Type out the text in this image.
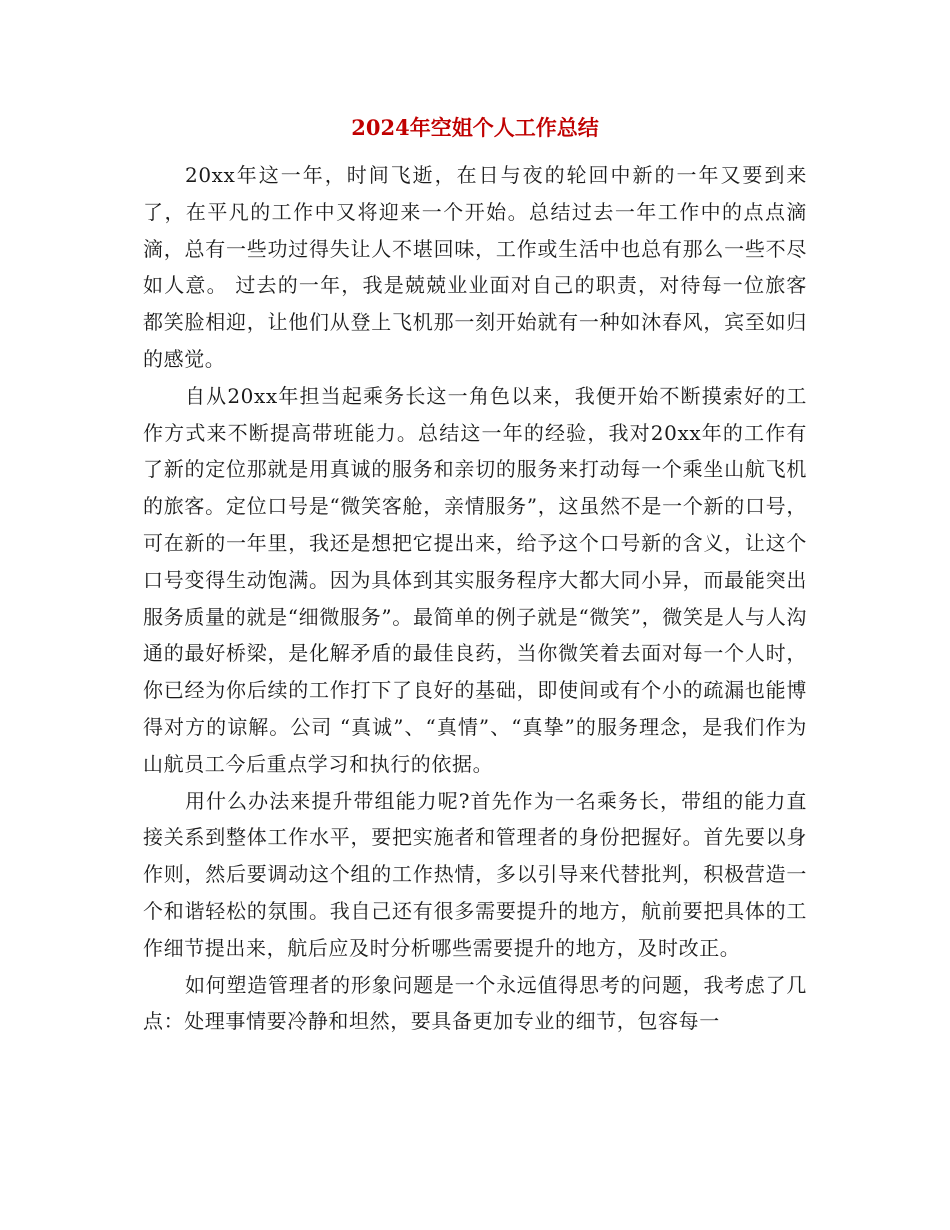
2024年空姐个人工作总结

20xx年这一年，时间飞逝，在日与夜的轮回中新的一年又要到来了，在平凡的工作中又将迎来一个开始。总结过去一年工作中的点点滴滴，总有一些功过得失让人不堪回味，工作或生活中也总有那么一些不尽如人意。 过去的一年，我是兢兢业业面对自己的职责，对待每一位旅客都笑脸相迎，让他们从登上飞机那一刻开始就有一种如沐春风，宾至如归的感觉。

自从20xx年担当起乘务长这一角色以来，我便开始不断摸索好的工作方式来不断提高带班能力。总结这一年的经验，我对20xx年的工作有了新的定位那就是用真诚的服务和亲切的服务来打动每一个乘坐山航飞机的旅客。定位口号是“微笑客舱，亲情服务”，这虽然不是一个新的口号，可在新的一年里，我还是想把它提出来，给予这个口号新的含义，让这个口号变得生动饱满。因为具体到其实服务程序大都大同小异，而最能突出服务质量的就是“细微服务”。最简单的例子就是“微笑”，微笑是人与人沟通的最好桥梁，是化解矛盾的最佳良药，当你微笑着去面对每一个人时，你已经为你后续的工作打下了良好的基础，即使间或有个小的疏漏也能博得对方的谅解。公司 “真诚”、“真情”、“真挚”的服务理念，是我们作为山航员工今后重点学习和执行的依据。

用什么办法来提升带组能力呢?首先作为一名乘务长，带组的能力直接关系到整体工作水平，要把实施者和管理者的身份把握好。首先要以身作则，然后要调动这个组的工作热情，多以引导来代替批判，积极营造一个和谐轻松的氛围。我自己还有很多需要提升的地方，航前要把具体的工作细节提出来，航后应及时分析哪些需要提升的地方，及时改正。

如何塑造管理者的形象问题是一个永远值得思考的问题，我考虑了几点：处理事情要冷静和坦然，要具备更加专业的细节，包容每一
